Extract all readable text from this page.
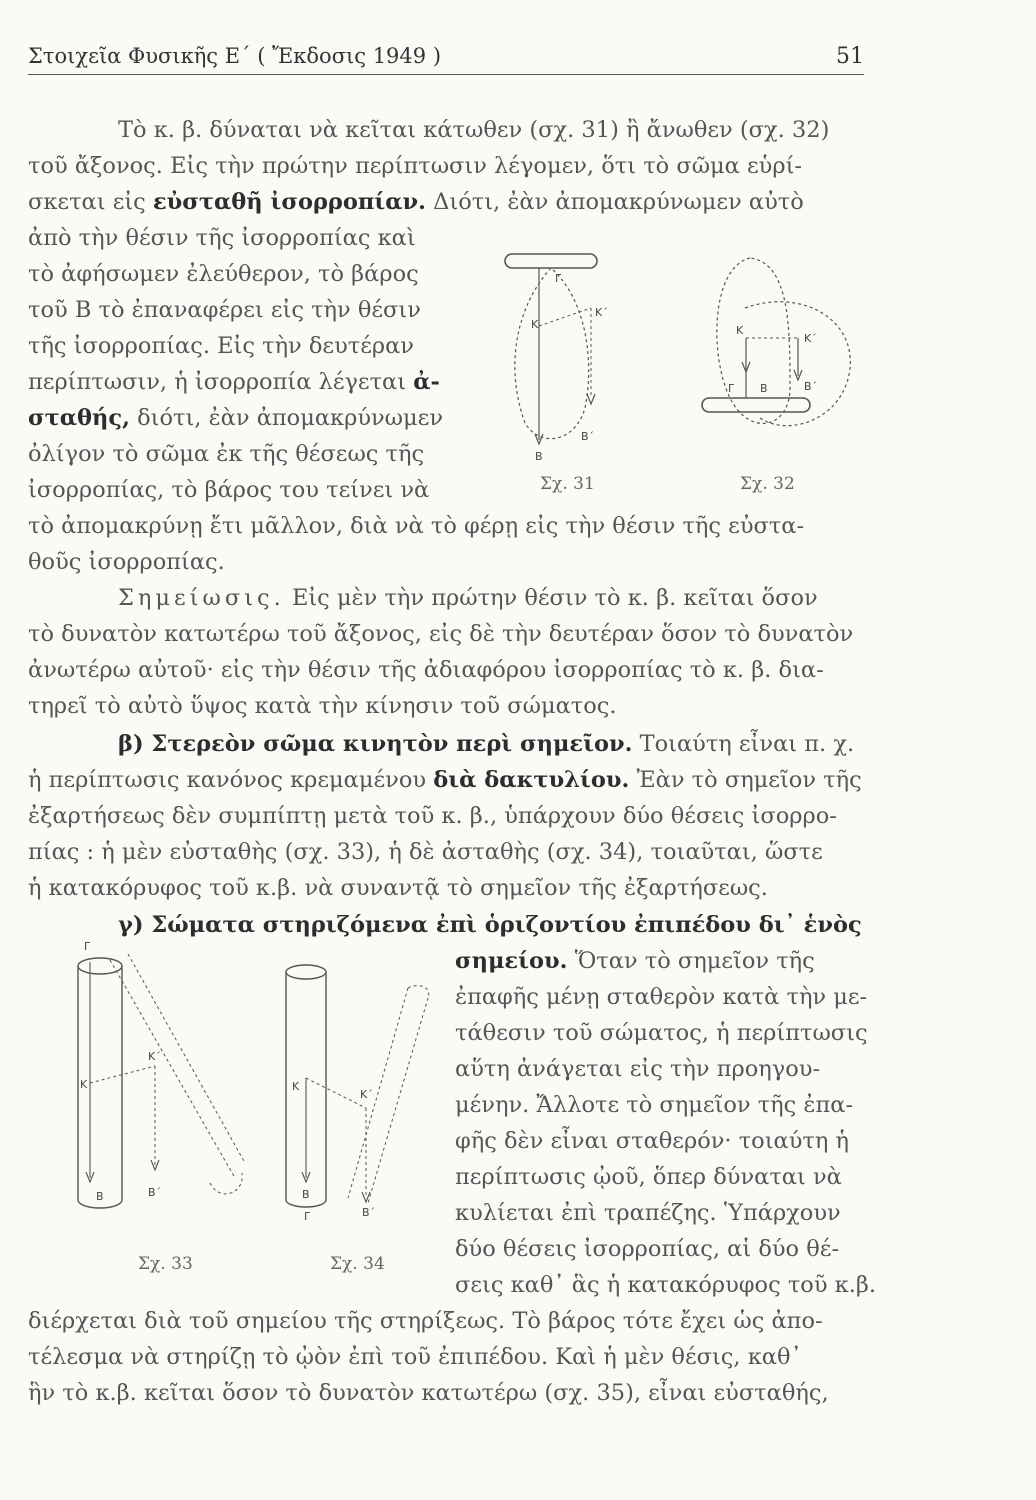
Στοιχεῖα Φυσικῆς Ε΄ ( Ἔκδοσις 1949 )	51
Τὸ κ. β. δύναται νὰ κεῖται κάτωθεν (σχ. 31) ἢ ἄνωθεν (σχ. 32)
τοῦ ἄξονος. Εἰς τὴν πρώτην περίπτωσιν λέγομεν, ὅτι τὸ σῶμα εὑρί-
σκεται εἰς εὐσταθῆ ἰσορροπίαν. Διότι, ἐὰν ἀπομακρύνωμεν αὐτὸ
ἀπὸ τὴν θέσιν τῆς ἰσορροπίας καὶ
τὸ ἀφήσωμεν ἐλεύθερον, τὸ βάρος
τοῦ Β τὸ ἐπαναφέρει εἰς τὴν θέσιν
τῆς ἰσορροπίας. Εἰς τὴν δευτέραν
περίπτωσιν, ἡ ἰσορροπία λέγεται ἀ-
σταθής, διότι, ἐὰν ἀπομακρύνωμεν
ὀλίγον τὸ σῶμα ἐκ τῆς θέσεως τῆς
ἰσορροπίας, τὸ βάρος του τείνει νὰ
τὸ ἀπομακρύνῃ ἔτι μᾶλλον, διὰ νὰ τὸ φέρῃ εἰς τὴν θέσιν τῆς εὐστα-
θοῦς ἰσορροπίας.
Γ
Κ
Κ΄
Β
Β΄
Σχ. 31
Κ
Κ΄
Γ Β	Β΄
Σχ. 32
Σημείωσις. Εἰς μὲν τὴν πρώτην θέσιν τὸ κ. β. κεῖται ὅσον
τὸ δυνατὸν κατωτέρω τοῦ ἄξονος, εἰς δὲ τὴν δευτέραν ὅσον τὸ δυνατὸν
ἀνωτέρω αὐτοῦ· εἰς τὴν θέσιν τῆς ἀδιαφόρου ἰσορροπίας τὸ κ. β. δια-
τηρεῖ τὸ αὐτὸ ὕψος κατὰ τὴν κίνησιν τοῦ σώματος.
β) Στερεὸν σῶμα κινητὸν περὶ σημεῖον. Τοιαύτη εἶναι π. χ.
ἡ περίπτωσις κανόνος κρεμαμένου διὰ δακτυλίου. Ἐὰν τὸ σημεῖον τῆς
ἐξαρτήσεως δὲν συμπίπτῃ μετὰ τοῦ κ. β., ὑπάρχουν δύο θέσεις ἰσορρο-
πίας : ἡ μὲν εὐσταθὴς (σχ. 33), ἡ δὲ ἀσταθὴς (σχ. 34), τοιαῦται, ὥστε
ἡ κατακόρυφος τοῦ κ.β. νὰ συναντᾷ τὸ σημεῖον τῆς ἐξαρτήσεως.
γ) Σώματα στηριζόμενα ἐπὶ ὁριζοντίου ἐπιπέδου δι᾽ ἑνὸς
σημείου. Ὅταν τὸ σημεῖον τῆς
ἐπαφῆς μένῃ σταθερὸν κατὰ τὴν με-
τάθεσιν τοῦ σώματος, ἡ περίπτωσις
αὕτη ἀνάγεται εἰς τὴν προηγου-
μένην. Ἄλλοτε τὸ σημεῖον τῆς ἐπα-
φῆς δὲν εἶναι σταθερόν· τοιαύτη ἡ
περίπτωσις ᾠοῦ, ὅπερ δύναται νὰ
κυλίεται ἐπὶ τραπέζης. Ὑπάρχουν
δύο θέσεις ἰσορροπίας, αἱ δύο θέ-
σεις καθ᾽ ἃς ἡ κατακόρυφος τοῦ κ.β.
διέρχεται διὰ τοῦ σημείου τῆς στηρίξεως. Τὸ βάρος τότε ἔχει ὡς ἀπο-
τέλεσμα νὰ στηρίζῃ τὸ ᾠὸν ἐπὶ τοῦ ἐπιπέδου. Καὶ ἡ μὲν θέσις, καθ᾽
ἣν τὸ κ.β. κεῖται ὅσον τὸ δυνατὸν κατωτέρω (σχ. 35), εἶναι εὐσταθής,
Γ
Κ
Κ΄
Β	Β΄
Σχ. 33
Κ
Κ΄
Γ
Β
Β΄
Σχ. 34
